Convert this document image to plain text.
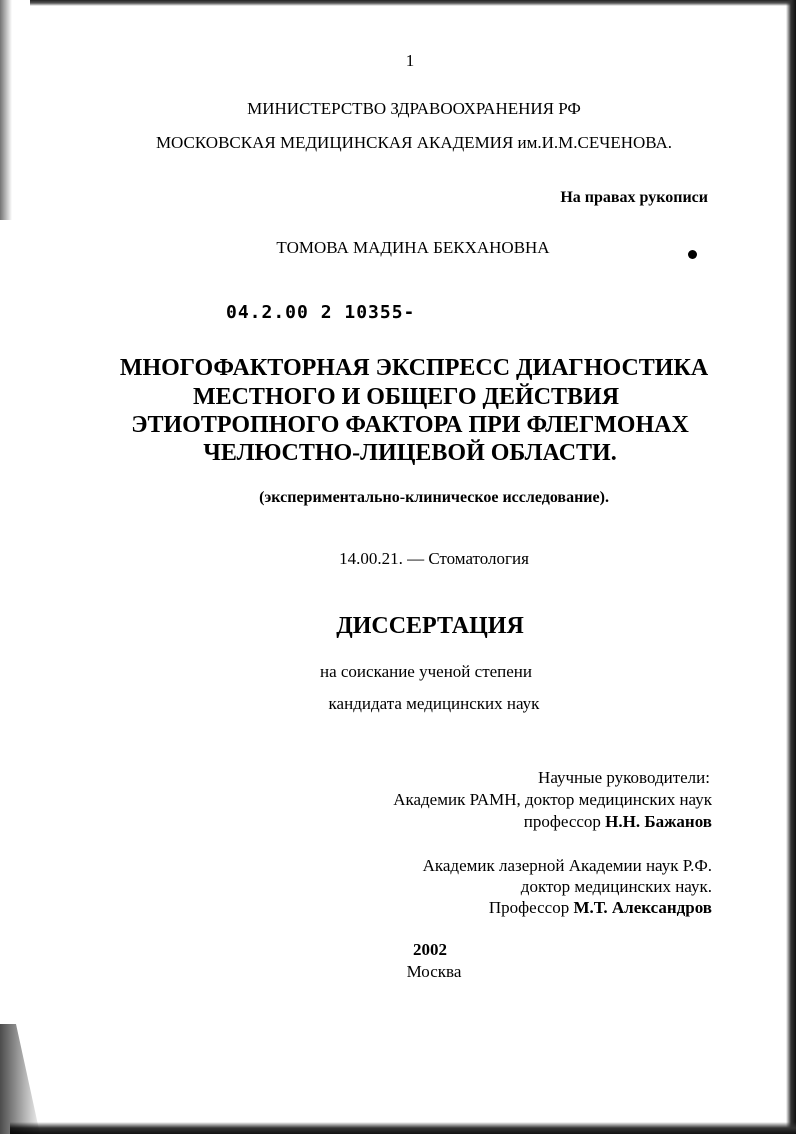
1
МИНИСТЕРСТВО ЗДРАВООХРАНЕНИЯ РФ
МОСКОВСКАЯ МЕДИЦИНСКАЯ АКАДЕМИЯ им.И.М.СЕЧЕНОВА.
На правах рукописи
ТОМОВА МАДИНА БЕКХАНОВНА
04.2.00 2 10355-
МНОГОФАКТОРНАЯ ЭКСПРЕСС ДИАГНОСТИКА
МЕСТНОГО И ОБЩЕГО ДЕЙСТВИЯ
ЭТИОТРОПНОГО ФАКТОРА ПРИ ФЛЕГМОНАХ
ЧЕЛЮСТНО-ЛИЦЕВОЙ ОБЛАСТИ.
(экспериментально-клиническое исследование).
14.00.21. — Стоматология
ДИССЕРТАЦИЯ
на соискание ученой степени
кандидата медицинских наук
Научные руководители:
Академик РАМН, доктор медицинских наук
профессор Н.Н. Бажанов
Академик лазерной Академии наук Р.Ф.
доктор медицинских наук.
Профессор М.Т. Александров
2002
Москва
